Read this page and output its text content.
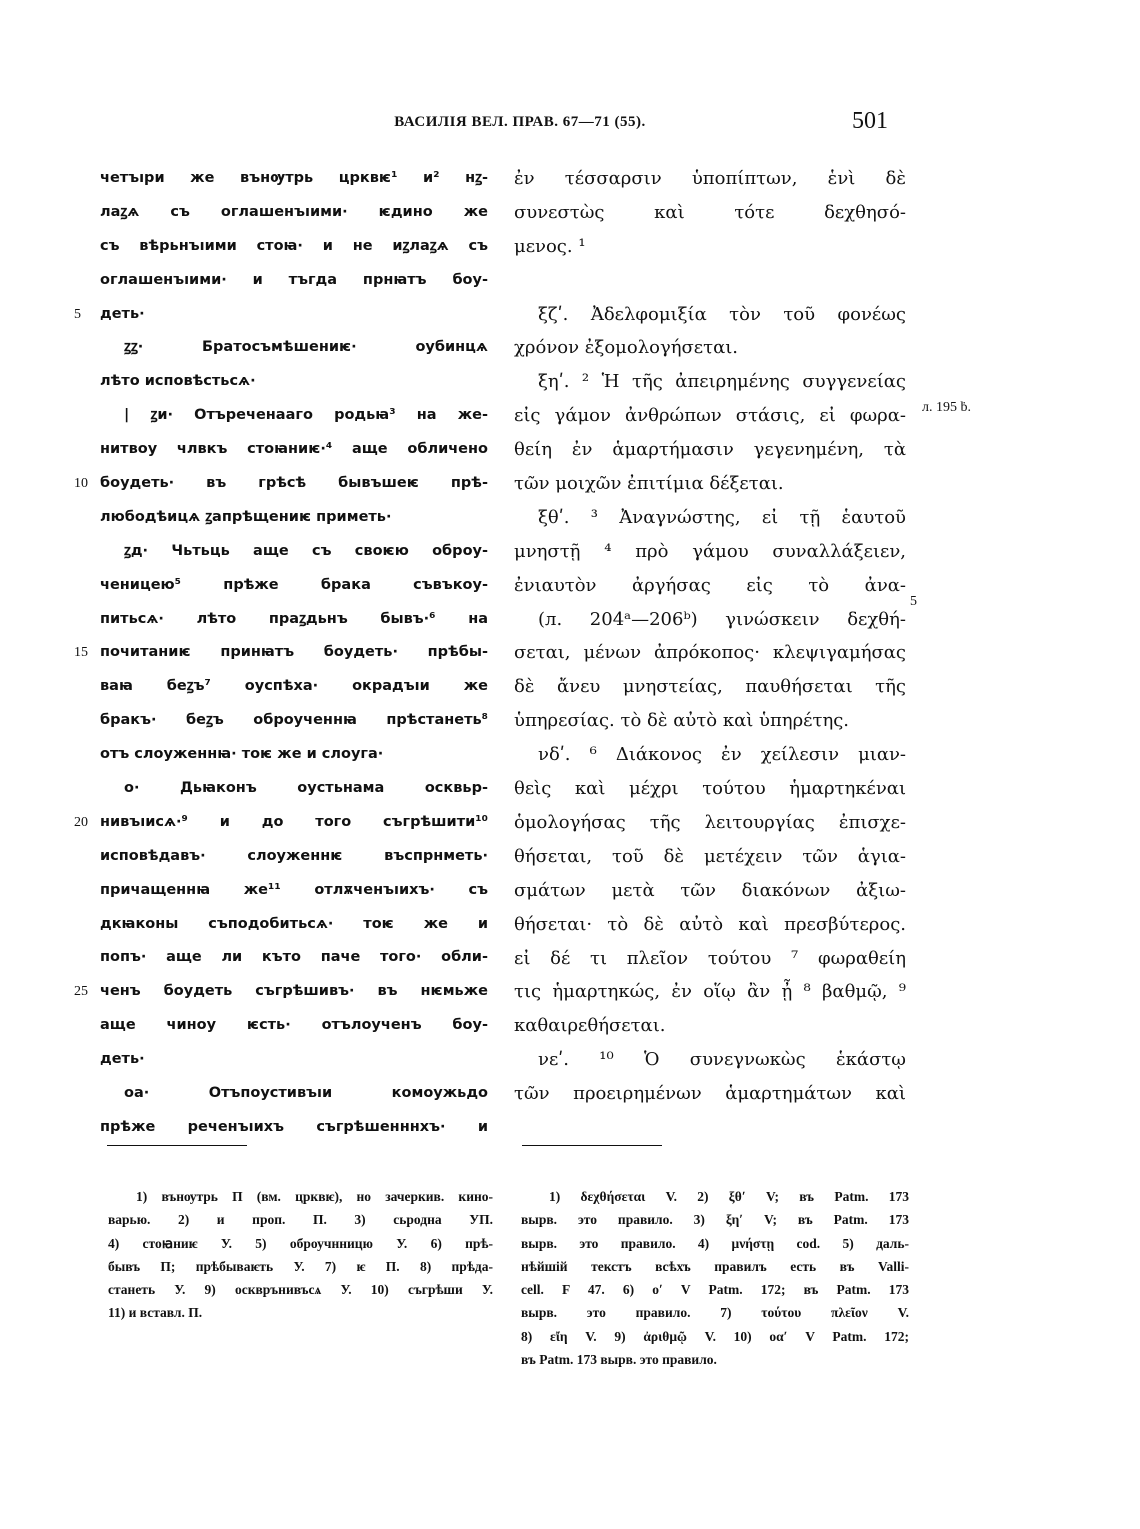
ВАСИЛІЯ ВЕЛ. ПРАВ. 67—71 (55).	501
четъıри же вънѹтрь црквѥ¹ и² нꙁ-
лаꙁѧ съ оглашенъıими· ѥдино же
съ вѣрьнъıими стоꙗ· и не иꙁлаꙁѧ съ
оглашенъıими· и тъгда прнꙗтъ боу-
5	деть·
ꙁꙁ· Братосъмѣшениѥ· оубинцѧ
лѣто исповѣстьсѧ·
| ꙁи· Отъреченааго родьꙗ³ на же-
нитвоу члвкъ стоꙗниѥ·⁴ аще обличено
10 боудеть· въ грѣсѣ бывъшеѥ прѣ-
любодѣицѧ ꙁапрѣщениѥ приметь·
ꙁд· Чьтьць аще съ своѥю оброу-
ченицею⁵ прѣже брака съвъкоу-
питьсѧ· лѣто праꙁдьнъ бывъ·⁶ на
15 почитаниѥ принꙗтъ боудеть· прѣбы-
ваꙗ беꙁъ⁷ оуспѣха· окрадъıи же
бракъ· беꙁъ оброученнꙗ прѣстанеть⁸
отъ слоуженнꙗ· тоѥ же и слоуга·
о· Дьꙗконъ оустьнама осквьр-
20 нивъıисѧ·⁹ и до того съгрѣшити¹⁰
исповѣдавъ· слоуженнѥ въспрнметь·
причащеннꙗ же¹¹ отлѫченъıихъ· съ
дкꙗконы съподобитьсѧ· тоѥ же и
попъ· аще ли къто паче того· обли-
25 ченъ боудеть съгрѣшивъ· въ нѥмьже
аще чиноу ѥсть· отълоученъ боу-
деть·
оа· Отъпоустивъıи комоужьдо
прѣже реченъıихъ съгрѣшенннхъ· и
ἐν τέσσαρσιν ὑποπίπτων, ἑνὶ δὲ
συνεστὼς καὶ τότε δεχθησό-
μενος. ¹
ξζʹ. Ἀδελφομιξία τὸν τοῦ φονέως
χρόνον ἐξομολογήσεται.
ξηʹ. ² Ἡ τῆς ἀπειρημένης συγγενείας
εἰς γάμον ἀνθρώπων στάσις, εἰ φωρα-
θείη ἐν ἁμαρτήμασιν γεγενημένη, τὰ
τῶν μοιχῶν ἐπιτίμια δέξεται.
ξθʹ. ³ Ἀναγνώστης, εἰ τῇ ἑαυτοῦ
μνηστῇ ⁴ πρὸ γάμου συναλλάξειεν,
ἐνιαυτὸν ἀργήσας εἰς τὸ ἀνα-
(л. 204ᵃ—206ᵇ) γινώσκειν δεχθή-
σεται, μένων ἀπρόκοπος· κλεψιγαμήσας
δὲ ἄνευ μνηστείας, παυθήσεται τῆς
ὑπηρεσίας. τὸ δὲ αὐτὸ καὶ ὑπηρέτης.
νδʹ. ⁶ Διάκονος ἐν χείλεσιν μιαν-
θεὶς καὶ μέχρι τούτου ἡμαρτηκέναι
ὁμολογήσας τῆς λειτουργίας ἐπισχε-
θήσεται, τοῦ δὲ μετέχειν τῶν ἁγια-
σμάτων μετὰ τῶν διακόνων ἀξιω-
θήσεται· τὸ δὲ αὐτὸ καὶ πρεσβύτερος.
εἰ δέ τι πλεῖον τούτου ⁷ φωραθείη
τις ἡμαρτηκώς, ἐν οἵῳ ἂν ᾖ ⁸ βαθμῷ, ⁹
καθαιρεθήσεται.
νεʹ. ¹⁰ Ὁ συνεγνωκὼς ἑκάστῳ
τῶν προειρημένων ἁμαρτημάτων καὶ
5
л. 195 ḃ.
1) вънѹтрь П (вм. црквѥ), но зачеркив. кино-
варью. 2) и проп. П. 3) сьродна УП.
4) стоꙗниѥ У. 5) оброучнницю У. 6) прѣ-
бывъ П; прѣбываѥть У. 7) ѥ П. 8) прѣда-
станеть У. 9) оскврънивъсѧ У. 10) съгрѣши У.
11) и вставл. П.
1) δεχθήσεται V. 2) ξθʹ V; въ Patm. 173
вырв. это правило. 3) ξηʹ V; въ Patm. 173
вырв. это правило. 4) μνήστῃ cod. 5) даль-
нѣйшій текстъ всѣхъ правилъ есть въ Valli-
cell. F 47. 6) οʹ V Patm. 172; въ Patm. 173
вырв. это правило. 7) τούτου πλεῖον V.
8) εἴη V. 9) ἀριθμῷ V. 10) οαʹ V Patm. 172;
въ Patm. 173 вырв. это правило.
